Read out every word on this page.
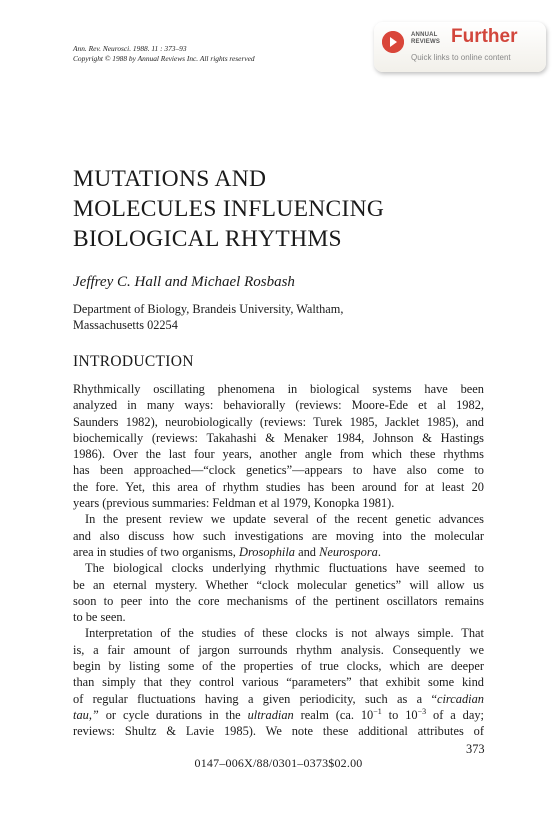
Ann. Rev. Neurosci. 1988. 11 : 373–93
Copyright © 1988 by Annual Reviews Inc. All rights reserved
ANNUAL
REVIEWS Further
Quick links to online content
MUTATIONS AND
MOLECULES INFLUENCING
BIOLOGICAL RHYTHMS
Jeffrey C. Hall and Michael Rosbash
Department of Biology, Brandeis University, Waltham,
Massachusetts 02254
INTRODUCTION
Rhythmically oscillating phenomena in biological systems have been
analyzed in many ways: behaviorally (reviews: Moore-Ede et al 1982,
Saunders 1982), neurobiologically (reviews: Turek 1985, Jacklet 1985), and
biochemically (reviews: Takahashi & Menaker 1984, Johnson & Hastings
1986). Over the last four years, another angle from which these rhythms
has been approached—“clock genetics”—appears to have also come to
the fore. Yet, this area of rhythm studies has been around for at least 20
years (previous summaries: Feldman et al 1979, Konopka 1981).
In the present review we update several of the recent genetic advances
and also discuss how such investigations are moving into the molecular
area in studies of two organisms, Drosophila and Neurospora.
The biological clocks underlying rhythmic fluctuations have seemed to
be an eternal mystery. Whether “clock molecular genetics” will allow us
soon to peer into the core mechanisms of the pertinent oscillators remains
to be seen.
Interpretation of the studies of these clocks is not always simple. That
is, a fair amount of jargon surrounds rhythm analysis. Consequently we
begin by listing some of the properties of true clocks, which are deeper
than simply that they control various “parameters” that exhibit some kind
of regular fluctuations having a given periodicity, such as a “circadian
tau,” or cycle durations in the ultradian realm (ca. $10^{-1}$ to $10^{-3}$ of a day;
reviews: Shultz & Lavie 1985). We note these additional attributes of
373
0147–006X/88/0301–0373$02.00
